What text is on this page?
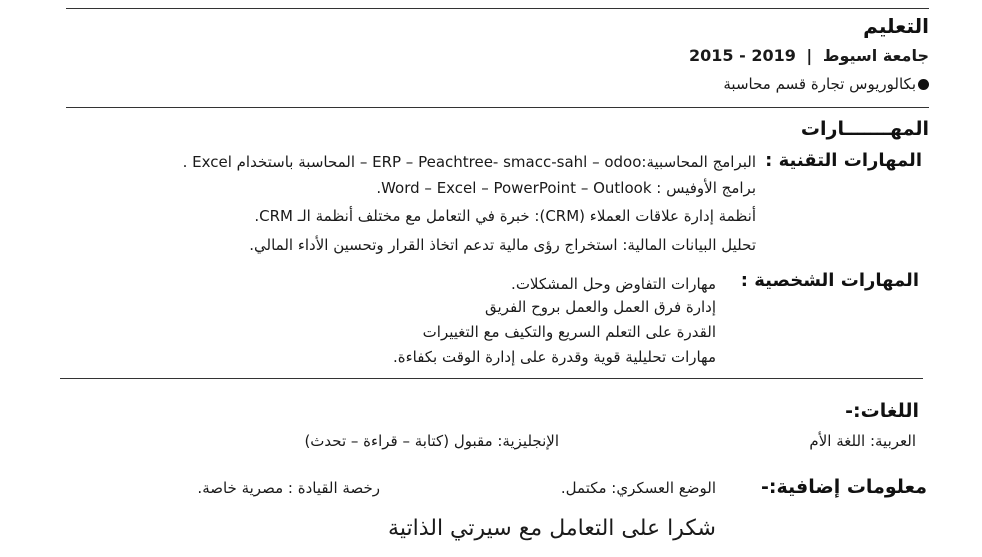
التعليم
جامعة اسيوط | 2015 - 2019
بكالوريوس تجارة قسم محاسبة
المهـــــــارات
المهارات التقنية :
البرامج المحاسبية:ERP – Peachtree- smacc-sahl – odoo – المحاسبة باستخدام Excel .
برامج الأوفيس : Word – Excel – PowerPoint – Outlook.
أنظمة إدارة علاقات العملاء (CRM): خبرة في التعامل مع مختلف أنظمة الـ CRM.
تحليل البيانات المالية: استخراج رؤى مالية تدعم اتخاذ القرار وتحسين الأداء المالي.
المهارات الشخصية :
مهارات التفاوض وحل المشكلات.
إدارة فرق العمل والعمل بروح الفريق
القدرة على التعلم السريع والتكيف مع التغييرات
مهارات تحليلية قوية وقدرة على إدارة الوقت بكفاءة.
اللغات:-
العربية: اللغة الأم
الإنجليزية: مقبول (كتابة – قراءة – تحدث)
معلومات إضافية:-
الوضع العسكري: مكتمل.
رخصة القيادة : مصرية خاصة.
شكرا على التعامل مع سيرتي الذاتية
